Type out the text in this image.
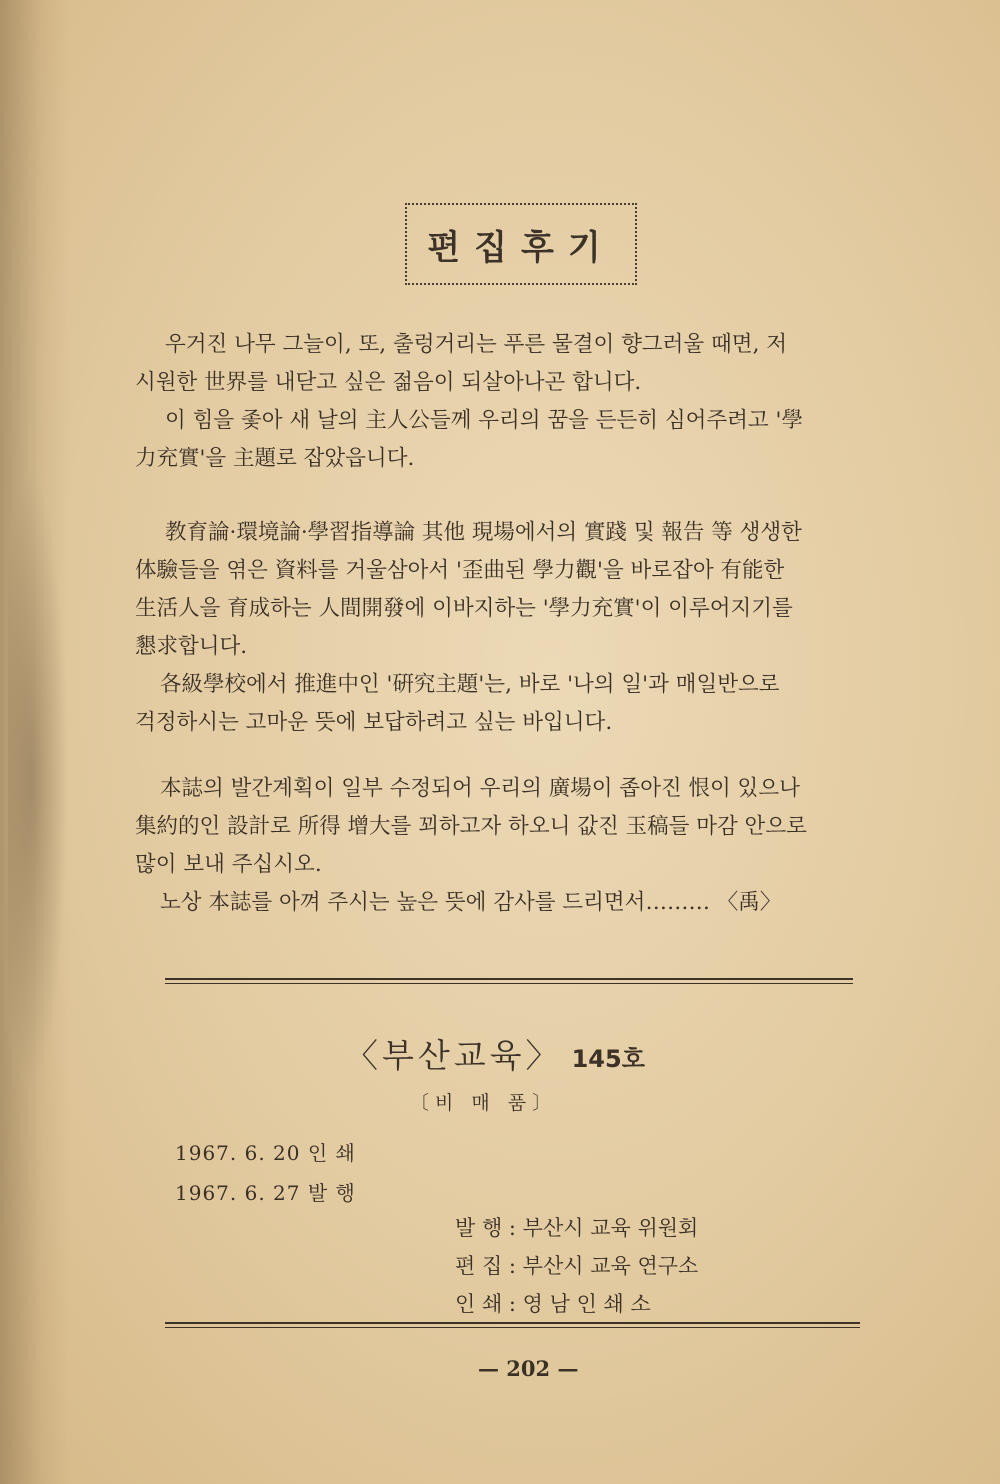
편집후기

우거진 나무 그늘이, 또, 출렁거리는 푸른 물결이 향그러울 때면, 저

시원한 世界를 내닫고 싶은 젊음이 되살아나곤 합니다.

이 힘을 좇아 새 날의 主人公들께 우리의 꿈을 든든히 심어주려고 '學

力充實'을 主題로 잡았읍니다.

教育論·環境論·學習指導論 其他 現場에서의 實踐 및 報告 等 생생한

体驗들을 엮은 資料를 거울삼아서 '歪曲된 學力觀'을 바로잡아 有能한

生活人을 育成하는 人間開發에 이바지하는 '學力充實'이 이루어지기를

懇求합니다.

各級學校에서 推進中인 '硏究主題'는, 바로 '나의 일'과 매일반으로

걱정하시는 고마운 뜻에 보답하려고 싶는 바입니다.

本誌의 발간계획이 일부 수정되어 우리의 廣場이 좁아진 恨이 있으나

集約的인 設計로 所得 增大를 꾀하고자 하오니 값진 玉稿들 마감 안으로

많이 보내 주십시오.

노상 本誌를 아껴 주시는 높은 뜻에 감사를 드리면서……… 〈禹〉

〈부산교육〉 145호
〔비 매 품〕
1967. 6. 20 인 쇄
1967. 6. 27 발 행
발 행 : 부산시 교육 위원회
편 집 : 부산시 교육 연구소
인 쇄 : 영 남 인 쇄 소
— 202 —
